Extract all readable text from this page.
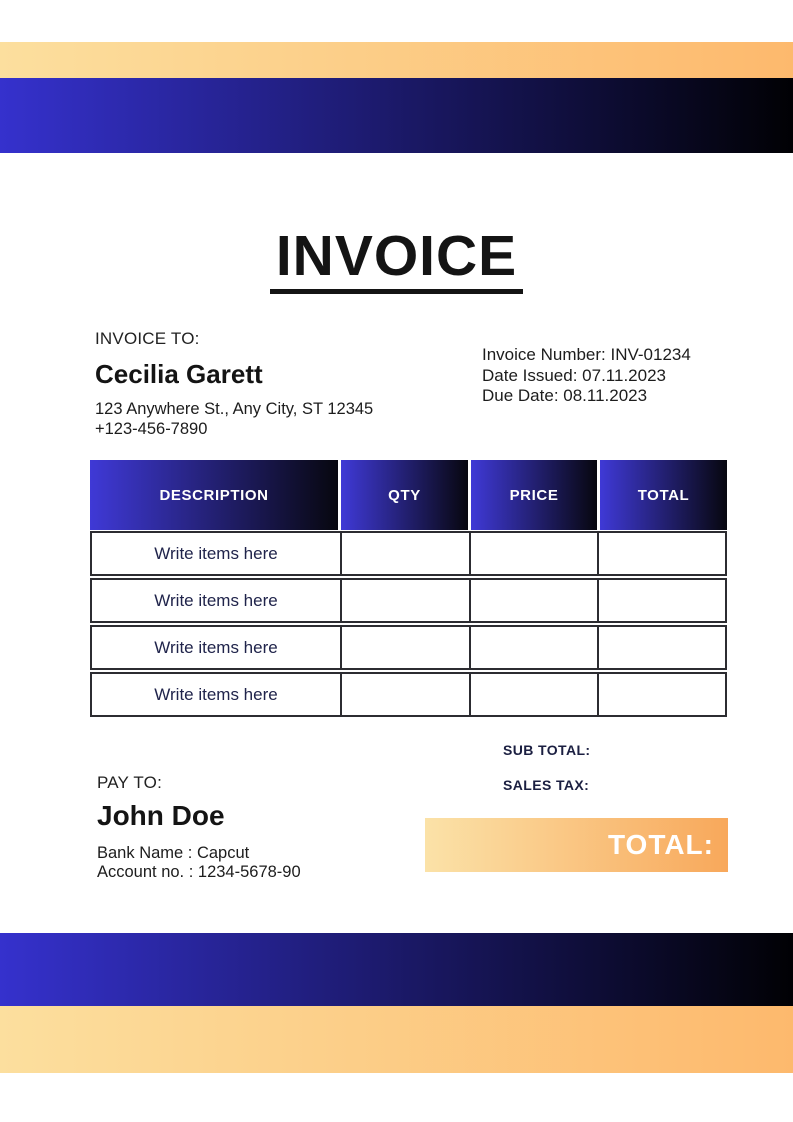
INVOICE
INVOICE TO:
Cecilia Garett
123 Anywhere St., Any City, ST 12345
+123-456-7890
Invoice Number: INV-01234
Date Issued: 07.11.2023
Due Date: 08.11.2023
DESCRIPTION	QTY	PRICE	TOTAL
Write items here
Write items here
Write items here
Write items here
SUB TOTAL:
SALES TAX:
PAY TO:
John Doe
Bank Name : Capcut
Account no. : 1234-5678-90
TOTAL:
